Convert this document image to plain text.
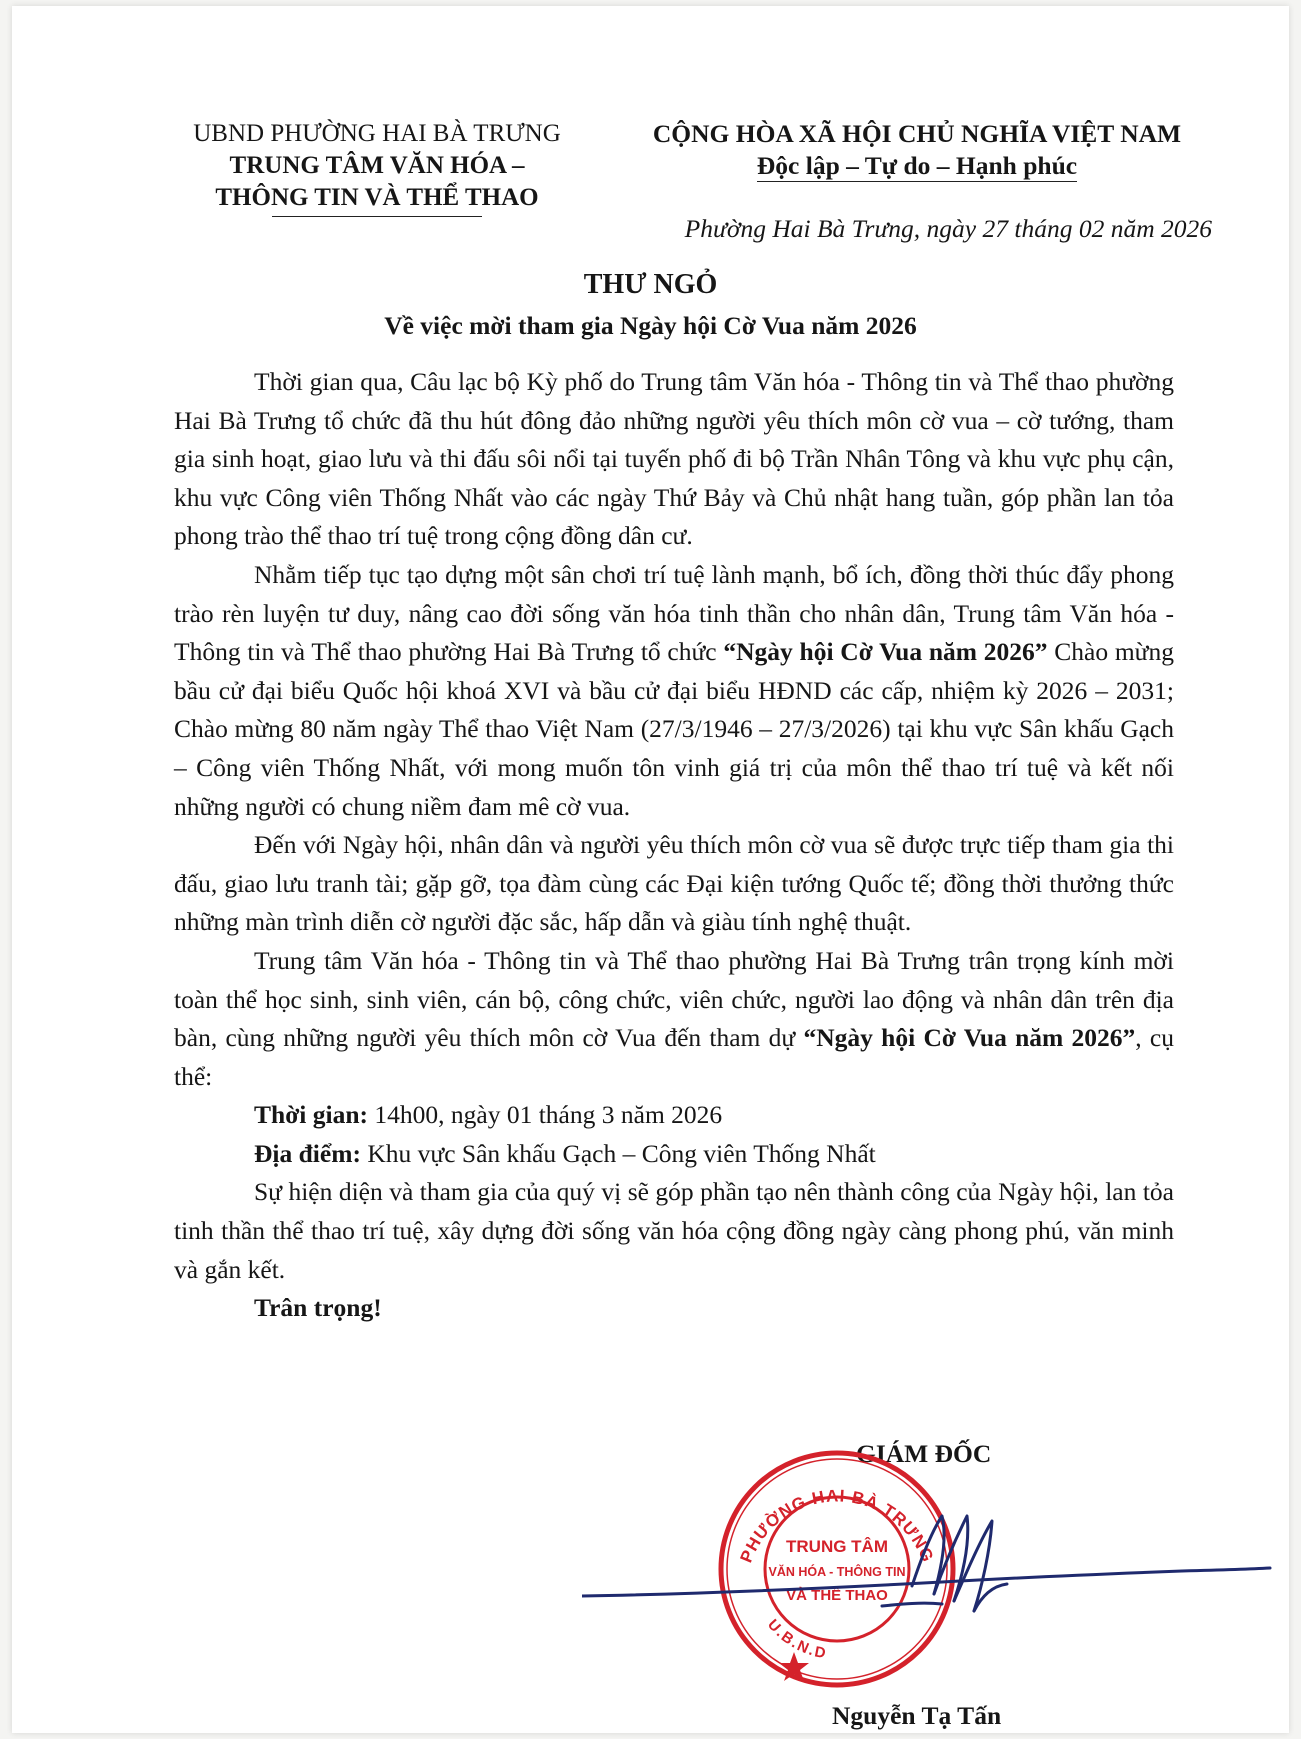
UBND PHƯỜNG HAI BÀ TRƯNG
TRUNG TÂM VĂN HÓA –
THÔNG TIN VÀ THỂ THAO
CỘNG HÒA XÃ HỘI CHỦ NGHĨA VIỆT NAM
Độc lập – Tự do – Hạnh phúc
Phường Hai Bà Trưng, ngày 27 tháng 02 năm 2026
THƯ NGỎ
Về việc mời tham gia Ngày hội Cờ Vua năm 2026

Thời gian qua, Câu lạc bộ Kỳ phố do Trung tâm Văn hóa - Thông tin và Thể thao phường Hai Bà Trưng tổ chức đã thu hút đông đảo những người yêu thích môn cờ vua – cờ tướng, tham gia sinh hoạt, giao lưu và thi đấu sôi nổi tại tuyến phố đi bộ Trần Nhân Tông và khu vực phụ cận, khu vực Công viên Thống Nhất vào các ngày Thứ Bảy và Chủ nhật hang tuần, góp phần lan tỏa phong trào thể thao trí tuệ trong cộng đồng dân cư.

Nhằm tiếp tục tạo dựng một sân chơi trí tuệ lành mạnh, bổ ích, đồng thời thúc đẩy phong trào rèn luyện tư duy, nâng cao đời sống văn hóa tinh thần cho nhân dân, Trung tâm Văn hóa - Thông tin và Thể thao phường Hai Bà Trưng tổ chức “Ngày hội Cờ Vua năm 2026” Chào mừng bầu cử đại biểu Quốc hội khoá XVI và bầu cử đại biểu HĐND các cấp, nhiệm kỳ 2026 – 2031; Chào mừng 80 năm ngày Thể thao Việt Nam (27/3/1946 – 27/3/2026) tại khu vực Sân khấu Gạch – Công viên Thống Nhất, với mong muốn tôn vinh giá trị của môn thể thao trí tuệ và kết nối những người có chung niềm đam mê cờ vua.

Đến với Ngày hội, nhân dân và người yêu thích môn cờ vua sẽ được trực tiếp tham gia thi đấu, giao lưu tranh tài; gặp gỡ, tọa đàm cùng các Đại kiện tướng Quốc tế; đồng thời thưởng thức những màn trình diễn cờ người đặc sắc, hấp dẫn và giàu tính nghệ thuật.

Trung tâm Văn hóa - Thông tin và Thể thao phường Hai Bà Trưng trân trọng kính mời toàn thể học sinh, sinh viên, cán bộ, công chức, viên chức, người lao động và nhân dân trên địa bàn, cùng những người yêu thích môn cờ Vua đến tham dự “Ngày hội Cờ Vua năm 2026”, cụ thể:

Thời gian: 14h00, ngày 01 tháng 3 năm 2026

Địa điểm: Khu vực Sân khấu Gạch – Công viên Thống Nhất

Sự hiện diện và tham gia của quý vị sẽ góp phần tạo nên thành công của Ngày hội, lan tỏa tinh thần thể thao trí tuệ, xây dựng đời sống văn hóa cộng đồng ngày càng phong phú, văn minh và gắn kết.

Trân trọng!

GIÁM ĐỐC
PHƯỜNG HAI BÀ TRƯNG
U.B.N.D
TRUNG TÂM
VĂN HÓA - THÔNG TIN
VÀ THỂ THAO
Nguyễn Tạ Tấn
